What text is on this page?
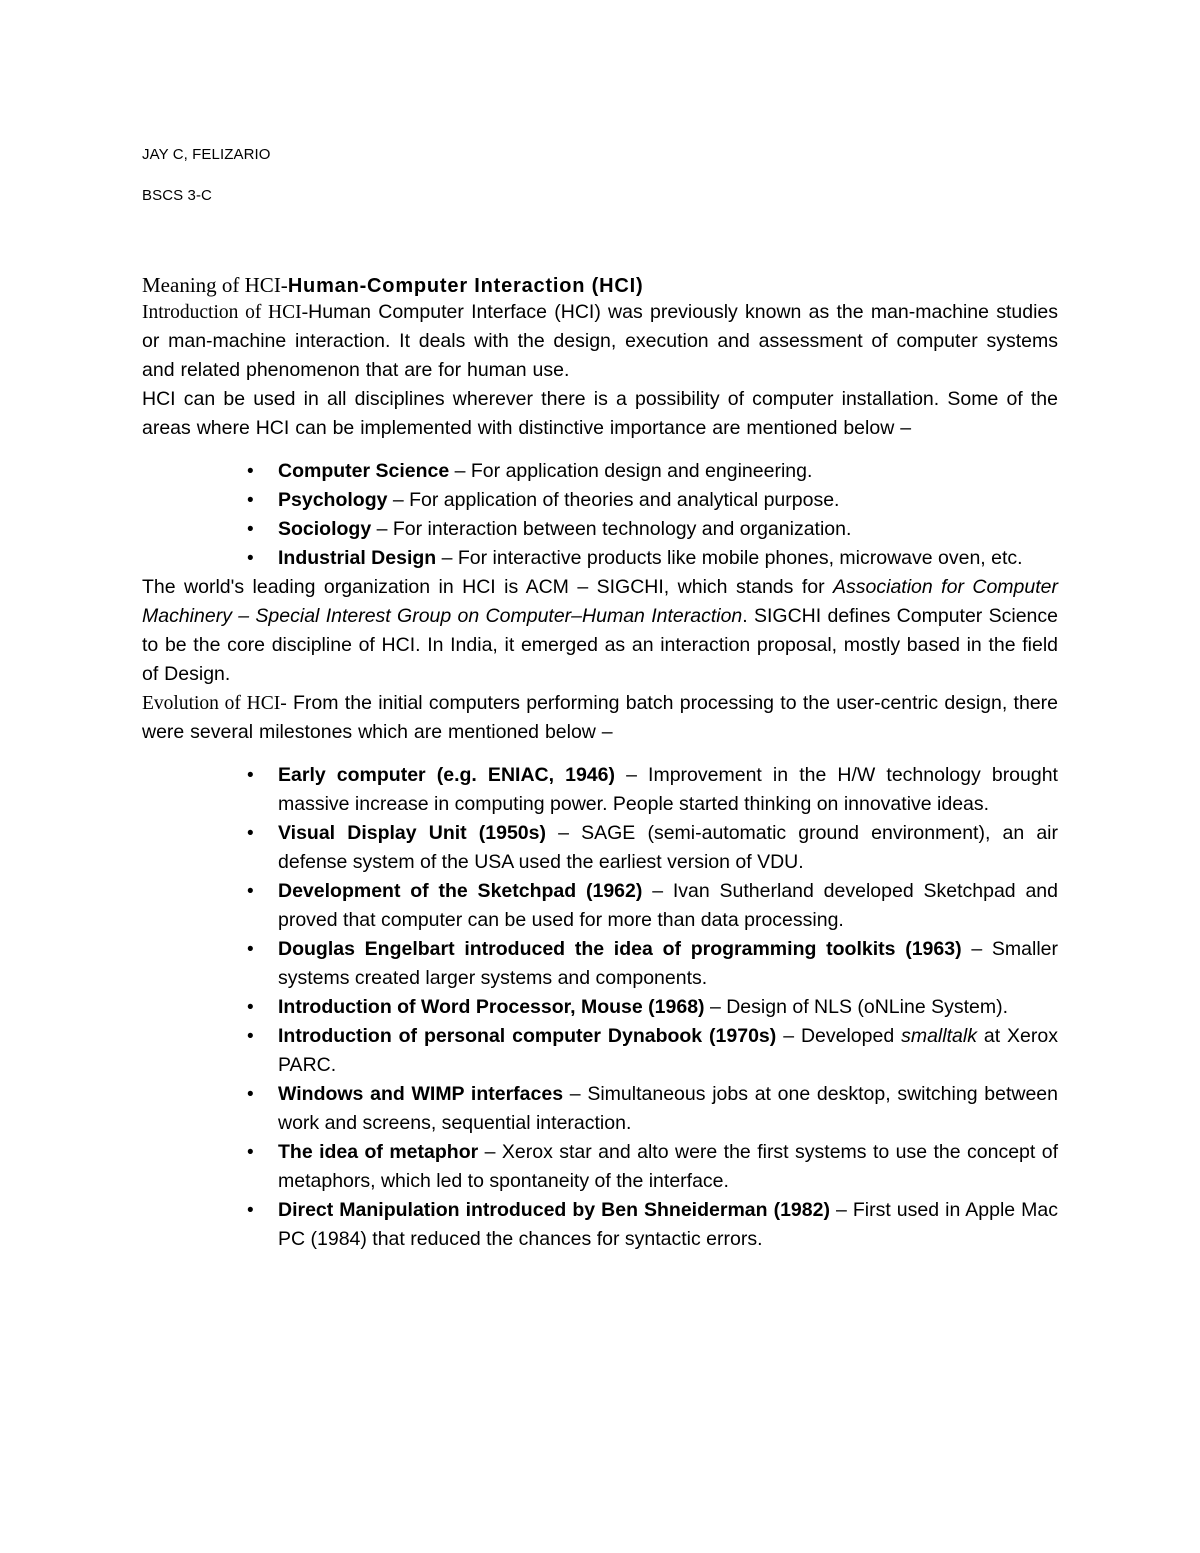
JAY C, FELIZARIO

BSCS 3-C

Meaning of HCI-Human-Computer Interaction (HCI)

Introduction of HCI-Human Computer Interface (HCI) was previously known as the man-machine studies or man-machine interaction. It deals with the design, execution and assessment of computer systems and related phenomenon that are for human use.

HCI can be used in all disciplines wherever there is a possibility of computer installation. Some of the areas where HCI can be implemented with distinctive importance are mentioned below –

• Computer Science – For application design and engineering.
• Psychology – For application of theories and analytical purpose.
• Sociology – For interaction between technology and organization.
• Industrial Design – For interactive products like mobile phones, microwave oven, etc.

The world's leading organization in HCI is ACM – SIGCHI, which stands for Association for Computer Machinery – Special Interest Group on Computer–Human Interaction. SIGCHI defines Computer Science to be the core discipline of HCI. In India, it emerged as an interaction proposal, mostly based in the field of Design.

Evolution of HCI- From the initial computers performing batch processing to the user-centric design, there were several milestones which are mentioned below –

• Early computer (e.g. ENIAC, 1946) – Improvement in the H/W technology brought massive increase in computing power. People started thinking on innovative ideas.
• Visual Display Unit (1950s) – SAGE (semi-automatic ground environment), an air defense system of the USA used the earliest version of VDU.
• Development of the Sketchpad (1962) – Ivan Sutherland developed Sketchpad and proved that computer can be used for more than data processing.
• Douglas Engelbart introduced the idea of programming toolkits (1963) – Smaller systems created larger systems and components.
• Introduction of Word Processor, Mouse (1968) – Design of NLS (oNLine System).
• Introduction of personal computer Dynabook (1970s) – Developed smalltalk at Xerox PARC.
• Windows and WIMP interfaces – Simultaneous jobs at one desktop, switching between work and screens, sequential interaction.
• The idea of metaphor – Xerox star and alto were the first systems to use the concept of metaphors, which led to spontaneity of the interface.
• Direct Manipulation introduced by Ben Shneiderman (1982) – First used in Apple Mac PC (1984) that reduced the chances for syntactic errors.
